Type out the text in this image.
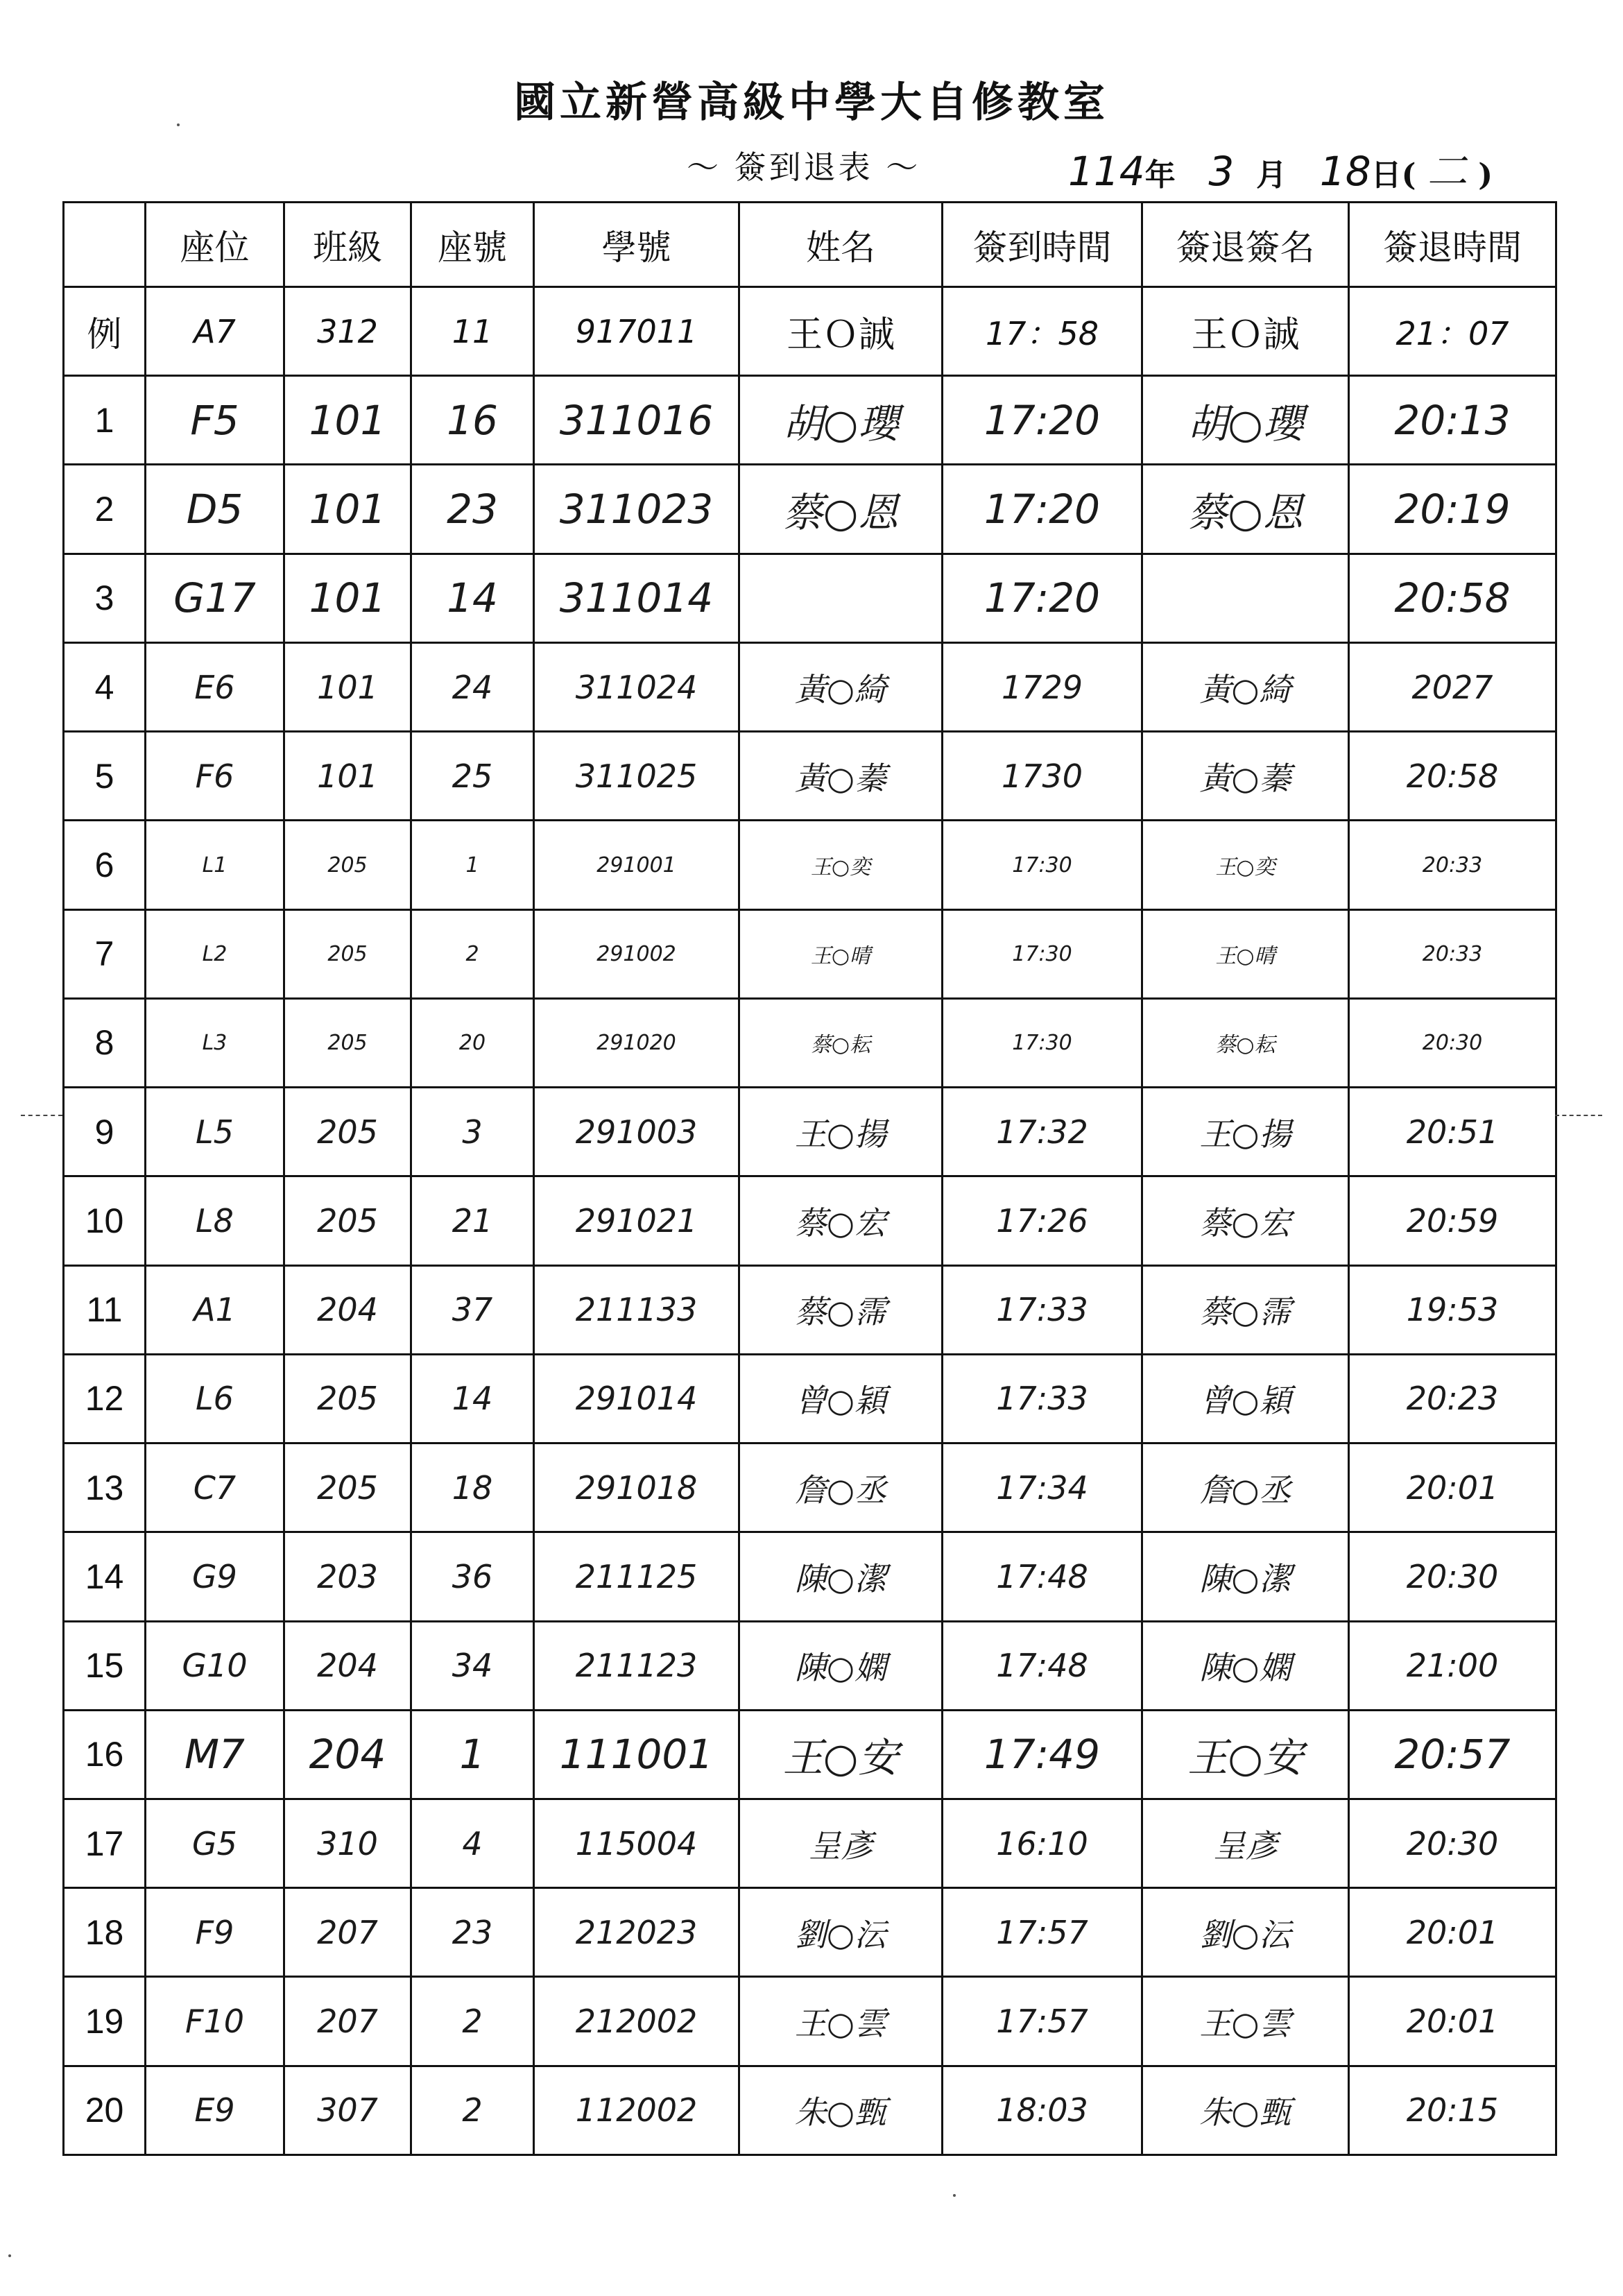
國立新營高級中學大自修教室
～ 簽到退表 ～	114年 3 月 18日( 二 )
	座位	班級	座號	學號	姓名	簽到時間	簽退簽名	簽退時間
例	A7	312	11	917011	王Ｏ誠	17：58	王Ｏ誠	21：07
1	F5	101	16	311016	胡○瓔	17:20	胡○瓔	20:13
2	D5	101	23	311023	蔡○恩	17:20	蔡○恩	20:19
3	G17	101	14	311014		17:20		20:58
4	E6	101	24	311024	黃○綺	1729	黃○綺	2027
5	F6	101	25	311025	黃○蓁	1730	黃○蓁	20:58
6	L1	205	1	291001	王○奕	17:30	王○奕	20:33
7	L2	205	2	291002	王○晴	17:30	王○晴	20:33
8	L3	205	20	291020	蔡○耘	17:30	蔡○耘	20:30
9	L5	205	3	291003	王○揚	17:32	王○揚	20:51
10	L8	205	21	291021	蔡○宏	17:26	蔡○宏	20:59
11	A1	204	37	211133	蔡○霈	17:33	蔡○霈	19:53
12	L6	205	14	291014	曾○穎	17:33	曾○穎	20:23
13	C7	205	18	291018	詹○丞	17:34	詹○丞	20:01
14	G9	203	36	211125	陳○潔	17:48	陳○潔	20:30
15	G10	204	34	211123	陳○嫻	17:48	陳○嫻	21:00
16	M7	204	1	111001	王○安	17:49	王○安	20:57
17	G5	310	4	115004	呈彥	16:10	呈彥	20:30
18	F9	207	23	212023	劉○沄	17:57	劉○沄	20:01
19	F10	207	2	212002	王○雲	17:57	王○雲	20:01
20	E9	307	2	112002	朱○甄	18:03	朱○甄	20:15
